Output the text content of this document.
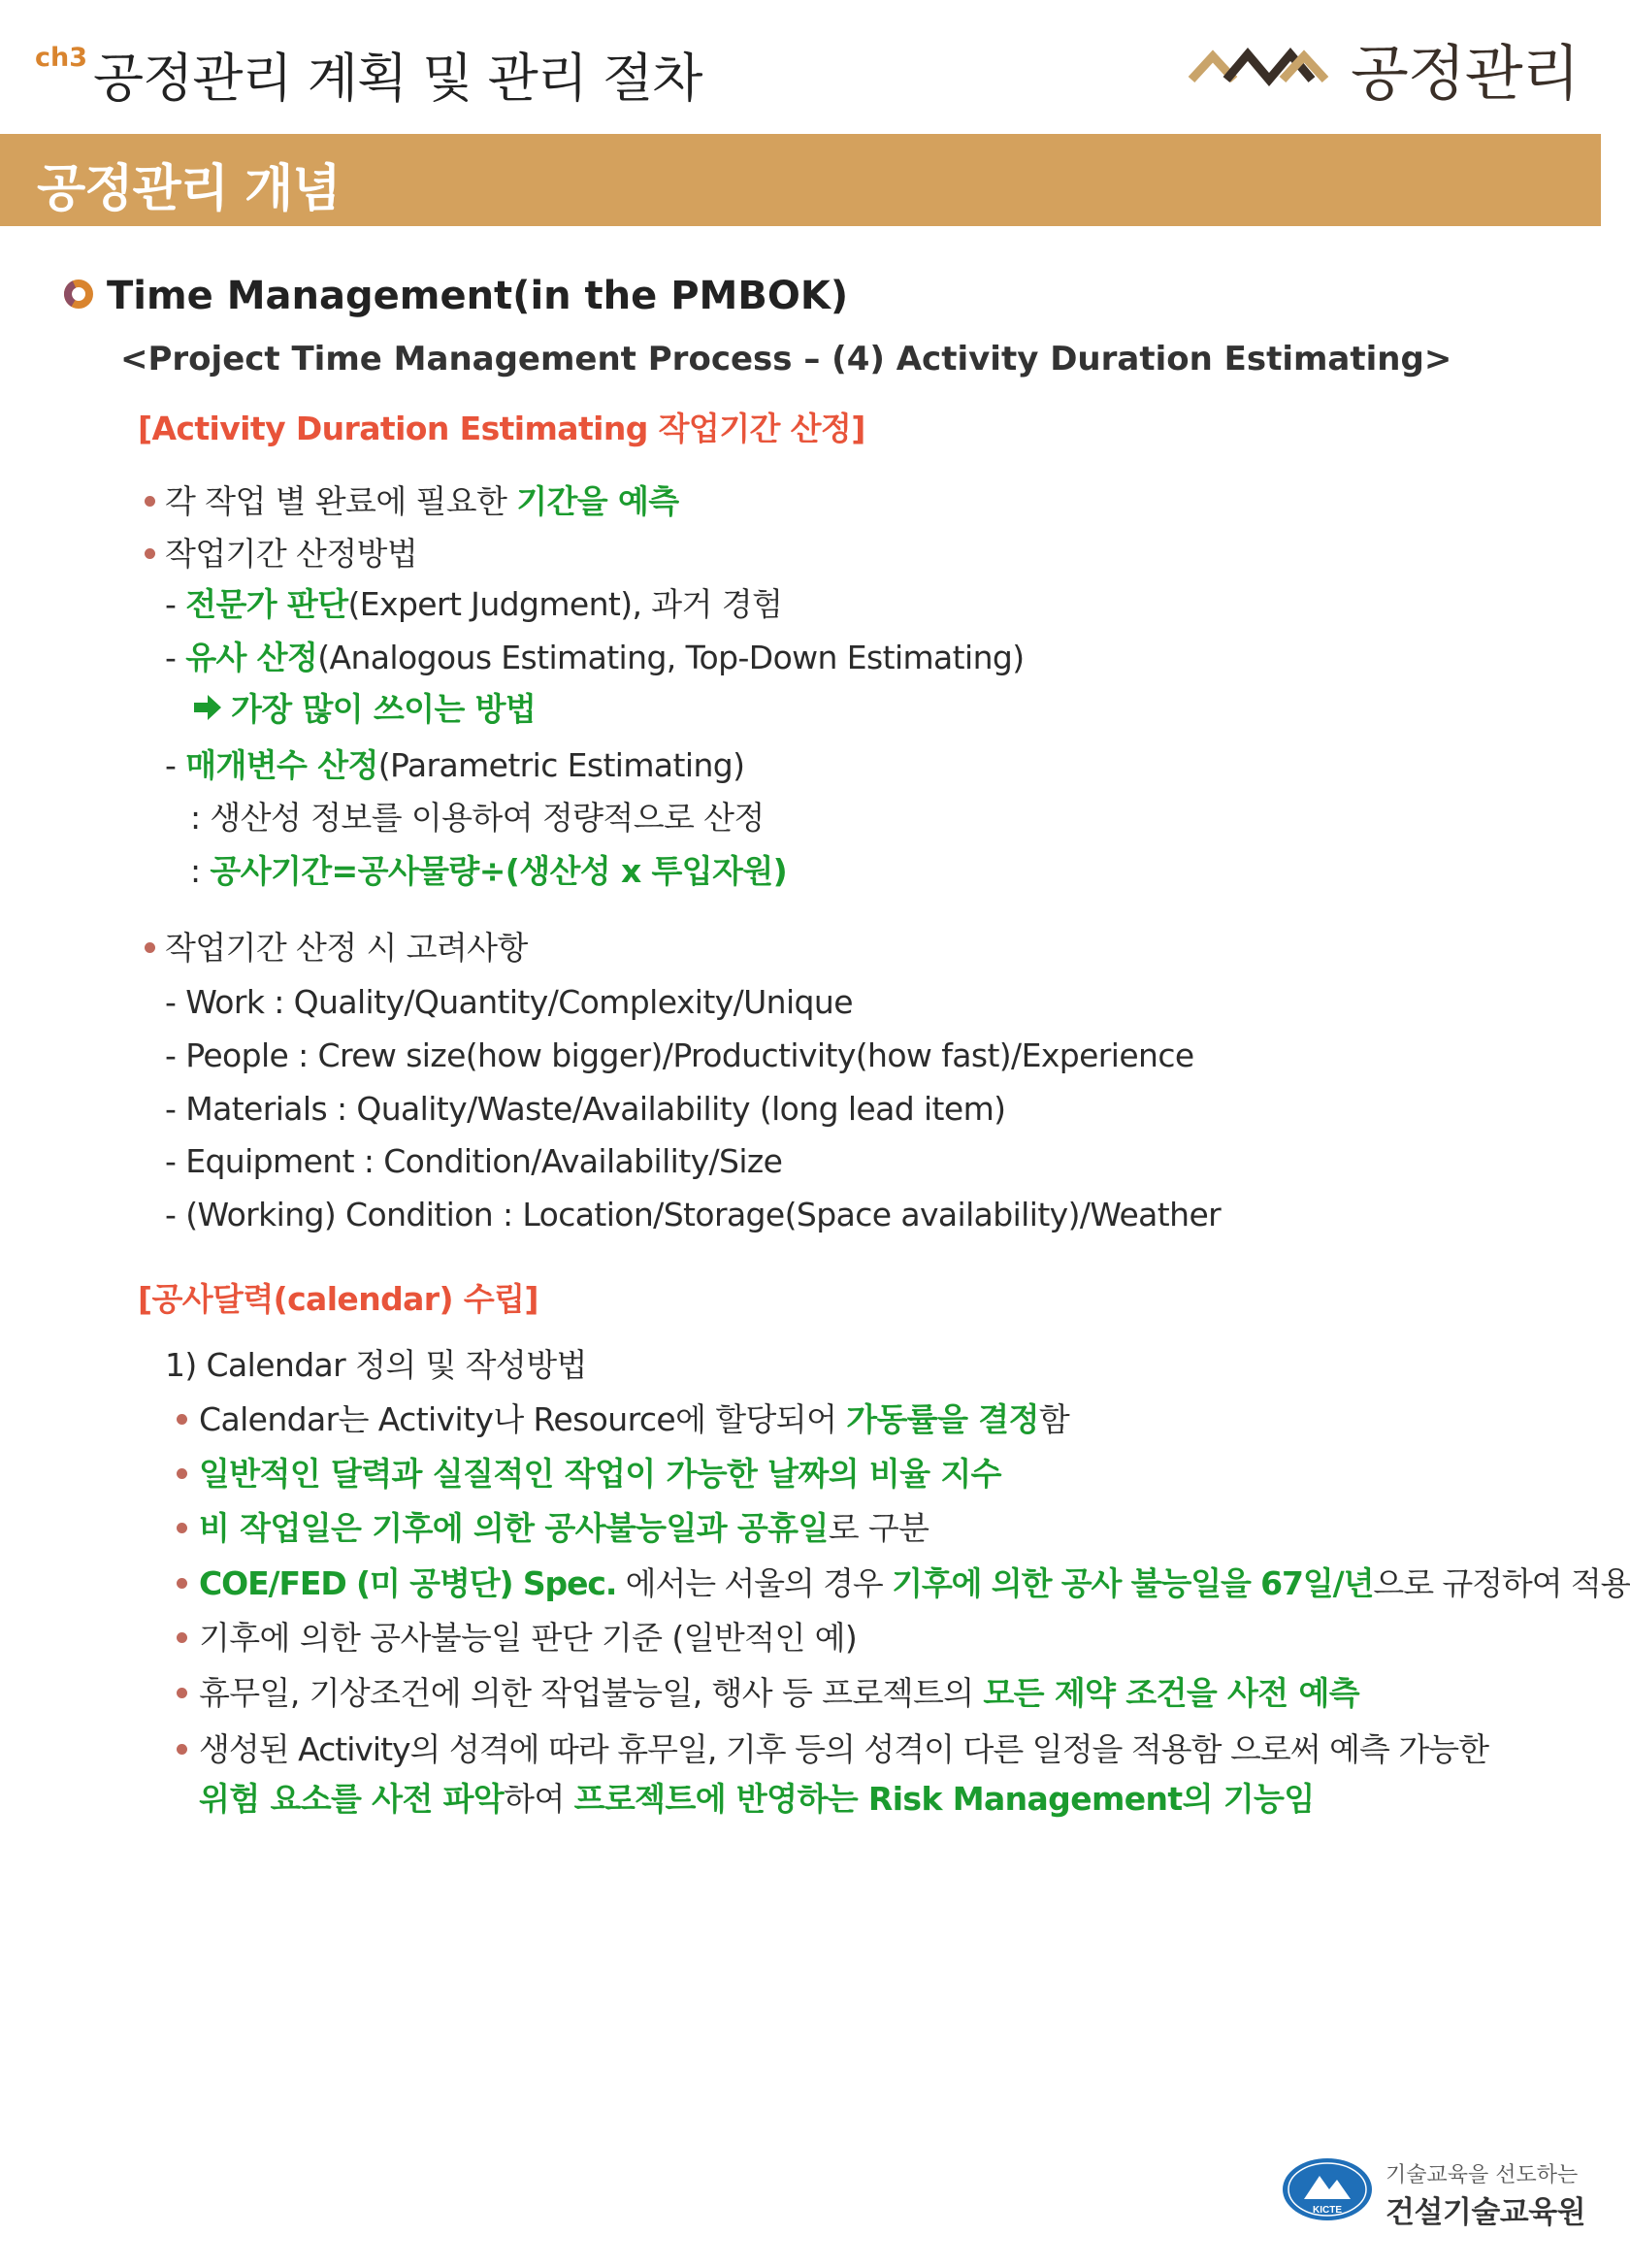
ch3 공정관리 계획 및 관리 절차	공정관리
공정관리 개념
Time Management(in the PMBOK)
<Project Time Management Process – (4) Activity Duration Estimating>
[Activity Duration Estimating 작업기간 산정]
각 작업 별 완료에 필요한 기간을 예측
작업기간 산정방법
- 전문가 판단(Expert Judgment), 과거 경험
- 유사 산정(Analogous Estimating, Top-Down Estimating)
가장 많이 쓰이는 방법
- 매개변수 산정(Parametric Estimating)
: 생산성 정보를 이용하여 정량적으로 산정
: 공사기간=공사물량÷(생산성 x 투입자원)
작업기간 산정 시 고려사항
- Work : Quality/Quantity/Complexity/Unique
- People : Crew size(how bigger)/Productivity(how fast)/Experience
- Materials : Quality/Waste/Availability (long lead item)
- Equipment : Condition/Availability/Size
- (Working) Condition : Location/Storage(Space availability)/Weather
[공사달력(calendar) 수립]
1) Calendar 정의 및 작성방법
Calendar는 Activity나 Resource에 할당되어 가동률을 결정함
일반적인 달력과 실질적인 작업이 가능한 날짜의 비율 지수
비 작업일은 기후에 의한 공사불능일과 공휴일로 구분
COE/FED (미 공병단) Spec. 에서는 서울의 경우 기후에 의한 공사 불능일을 67일/년으로 규정하여 적용
기후에 의한 공사불능일 판단 기준 (일반적인 예)
휴무일, 기상조건에 의한 작업불능일, 행사 등 프로젝트의 모든 제약 조건을 사전 예측
생성된 Activity의 성격에 따라 휴무일, 기후 등의 성격이 다른 일정을 적용함 으로써 예측 가능한
위험 요소를 사전 파악하여 프로젝트에 반영하는 Risk Management의 기능임
KICTE
기술교육을 선도하는
건설기술교육원
